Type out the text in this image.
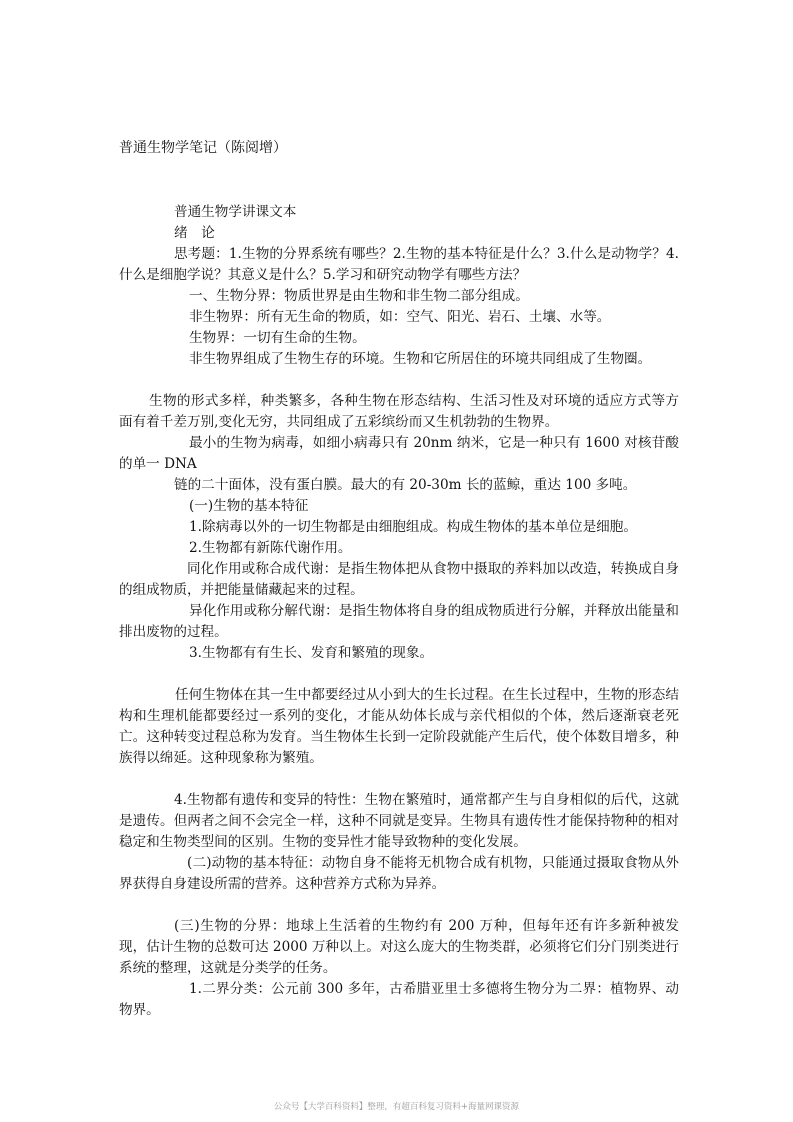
普通生物学笔记（陈阅增）

普通生物学讲课文本

绪　论

思考题：1.生物的分界系统有哪些？2.生物的基本特征是什么？3.什么是动物学？4.什么是细胞学说？其意义是什么？5.学习和研究动物学有哪些方法？

一、生物分界：物质世界是由生物和非生物二部分组成。

非生物界：所有无生命的物质，如：空气、阳光、岩石、土壤、水等。

生物界：一切有生命的生物。

非生物界组成了生物生存的环境。生物和它所居住的环境共同组成了生物圈。

生物的形式多样，种类繁多，各种生物在形态结构、生活习性及对环境的适应方式等方面有着千差万别,变化无穷，共同组成了五彩缤纷而又生机勃勃的生物界。

最小的生物为病毒，如细小病毒只有 20nm 纳米，它是一种只有 1600 对核苷酸的单一 DNA

链的二十面体，没有蛋白膜。最大的有 20-30m 长的蓝鲸，重达 100 多吨。

(一)生物的基本特征

1.除病毒以外的一切生物都是由细胞组成。构成生物体的基本单位是细胞。

2.生物都有新陈代谢作用。

同化作用或称合成代谢：是指生物体把从食物中摄取的养料加以改造，转换成自身的组成物质，并把能量储藏起来的过程。

异化作用或称分解代谢：是指生物体将自身的组成物质进行分解，并释放出能量和排出废物的过程。

3.生物都有有生长、发育和繁殖的现象。

任何生物体在其一生中都要经过从小到大的生长过程。在生长过程中，生物的形态结构和生理机能都要经过一系列的变化，才能从幼体长成与亲代相似的个体，然后逐渐衰老死亡。这种转变过程总称为发育。当生物体生长到一定阶段就能产生后代，使个体数目增多，种族得以绵延。这种现象称为繁殖。

4.生物都有遗传和变异的特性：生物在繁殖时，通常都产生与自身相似的后代，这就是遗传。但两者之间不会完全一样，这种不同就是变异。生物具有遗传性才能保持物种的相对稳定和生物类型间的区别。生物的变异性才能导致物种的变化发展。

(二)动物的基本特征：动物自身不能将无机物合成有机物，只能通过摄取食物从外界获得自身建设所需的营养。这种营养方式称为异养。

(三)生物的分界：地球上生活着的生物约有 200 万种，但每年还有许多新种被发现，估计生物的总数可达 2000 万种以上。对这么庞大的生物类群，必须将它们分门别类进行系统的整理，这就是分类学的任务。

1.二界分类：公元前 300 多年，古希腊亚里士多德将生物分为二界：植物界、动物界。

公众号【大学百科资料】整理，有超百科复习资料+海量网课资源
